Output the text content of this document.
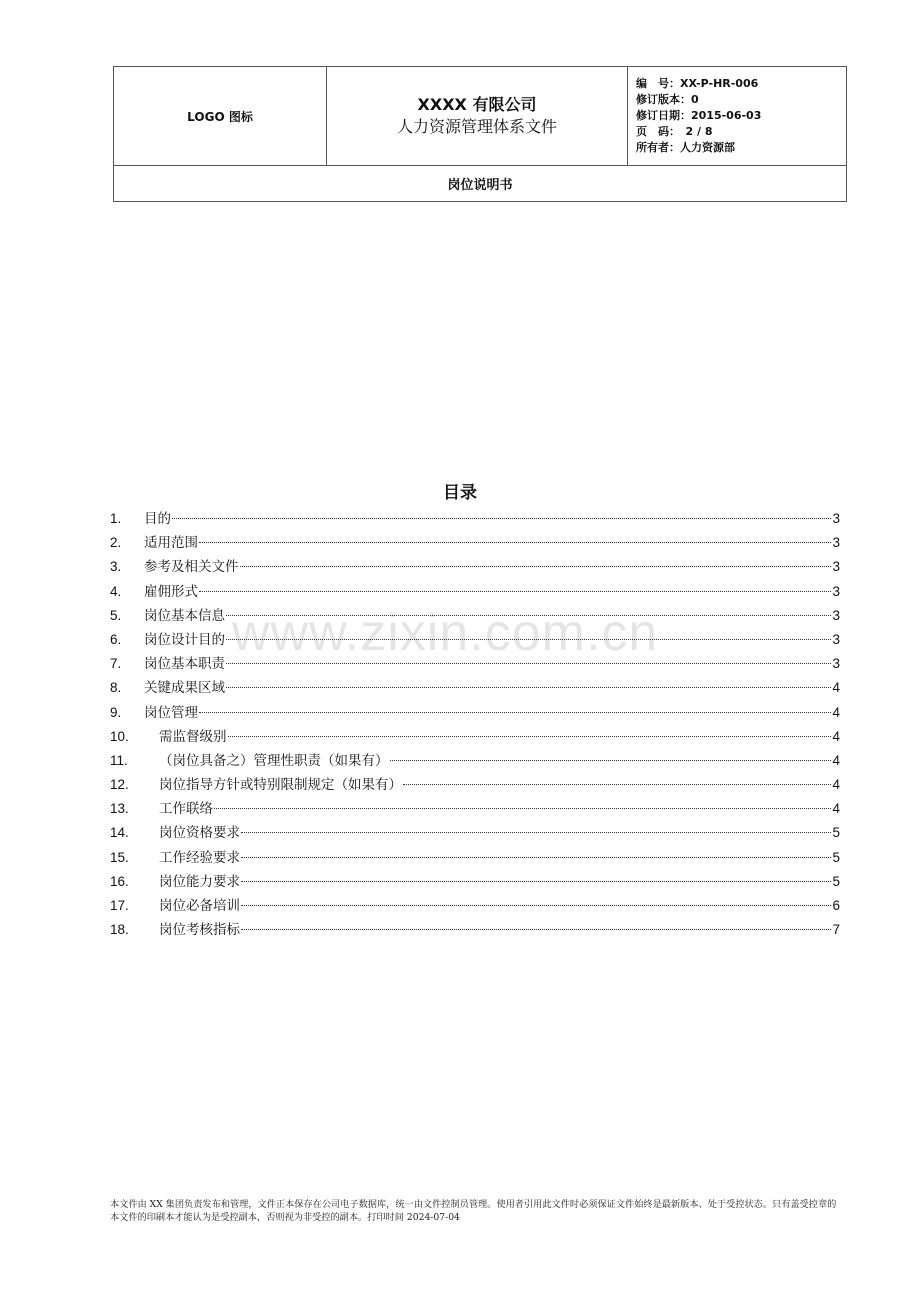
LOGO 图标	
XXXX 有限公司
人力资源管理体系文件

编　号：XX-P-HR-006
修订版本：0
修订日期：2015-06-03
页　码：　2 / 8
所有者：人力资源部

岗位说明书
www.zixin.com.cn
目录
1.	目的	3
2.	适用范围	3
3.	参考及相关文件	3
4.	雇佣形式	3
5.	岗位基本信息	3
6.	岗位设计目的	3
7.	岗位基本职责	3
8.	关键成果区域	4
9.	岗位管理	4
10.	需监督级别	4
11.	（岗位具备之）管理性职责（如果有）	4
12.	岗位指导方针或特别限制规定（如果有）	4
13.	工作联络	4
14.	岗位资格要求	5
15.	工作经验要求	5
16.	岗位能力要求	5
17.	岗位必备培训	6
18.	岗位考核指标	7
本文件由 XX 集团负责发布和管理，文件正本保存在公司电子数据库，统一由文件控制员管理。使用者引用此文件时必须保证文件始终是最新版本、处于受控状态。只有盖受控章的本文件的印刷本才能认为是受控副本，否则视为非受控的副本。打印时间 2024-07-04
